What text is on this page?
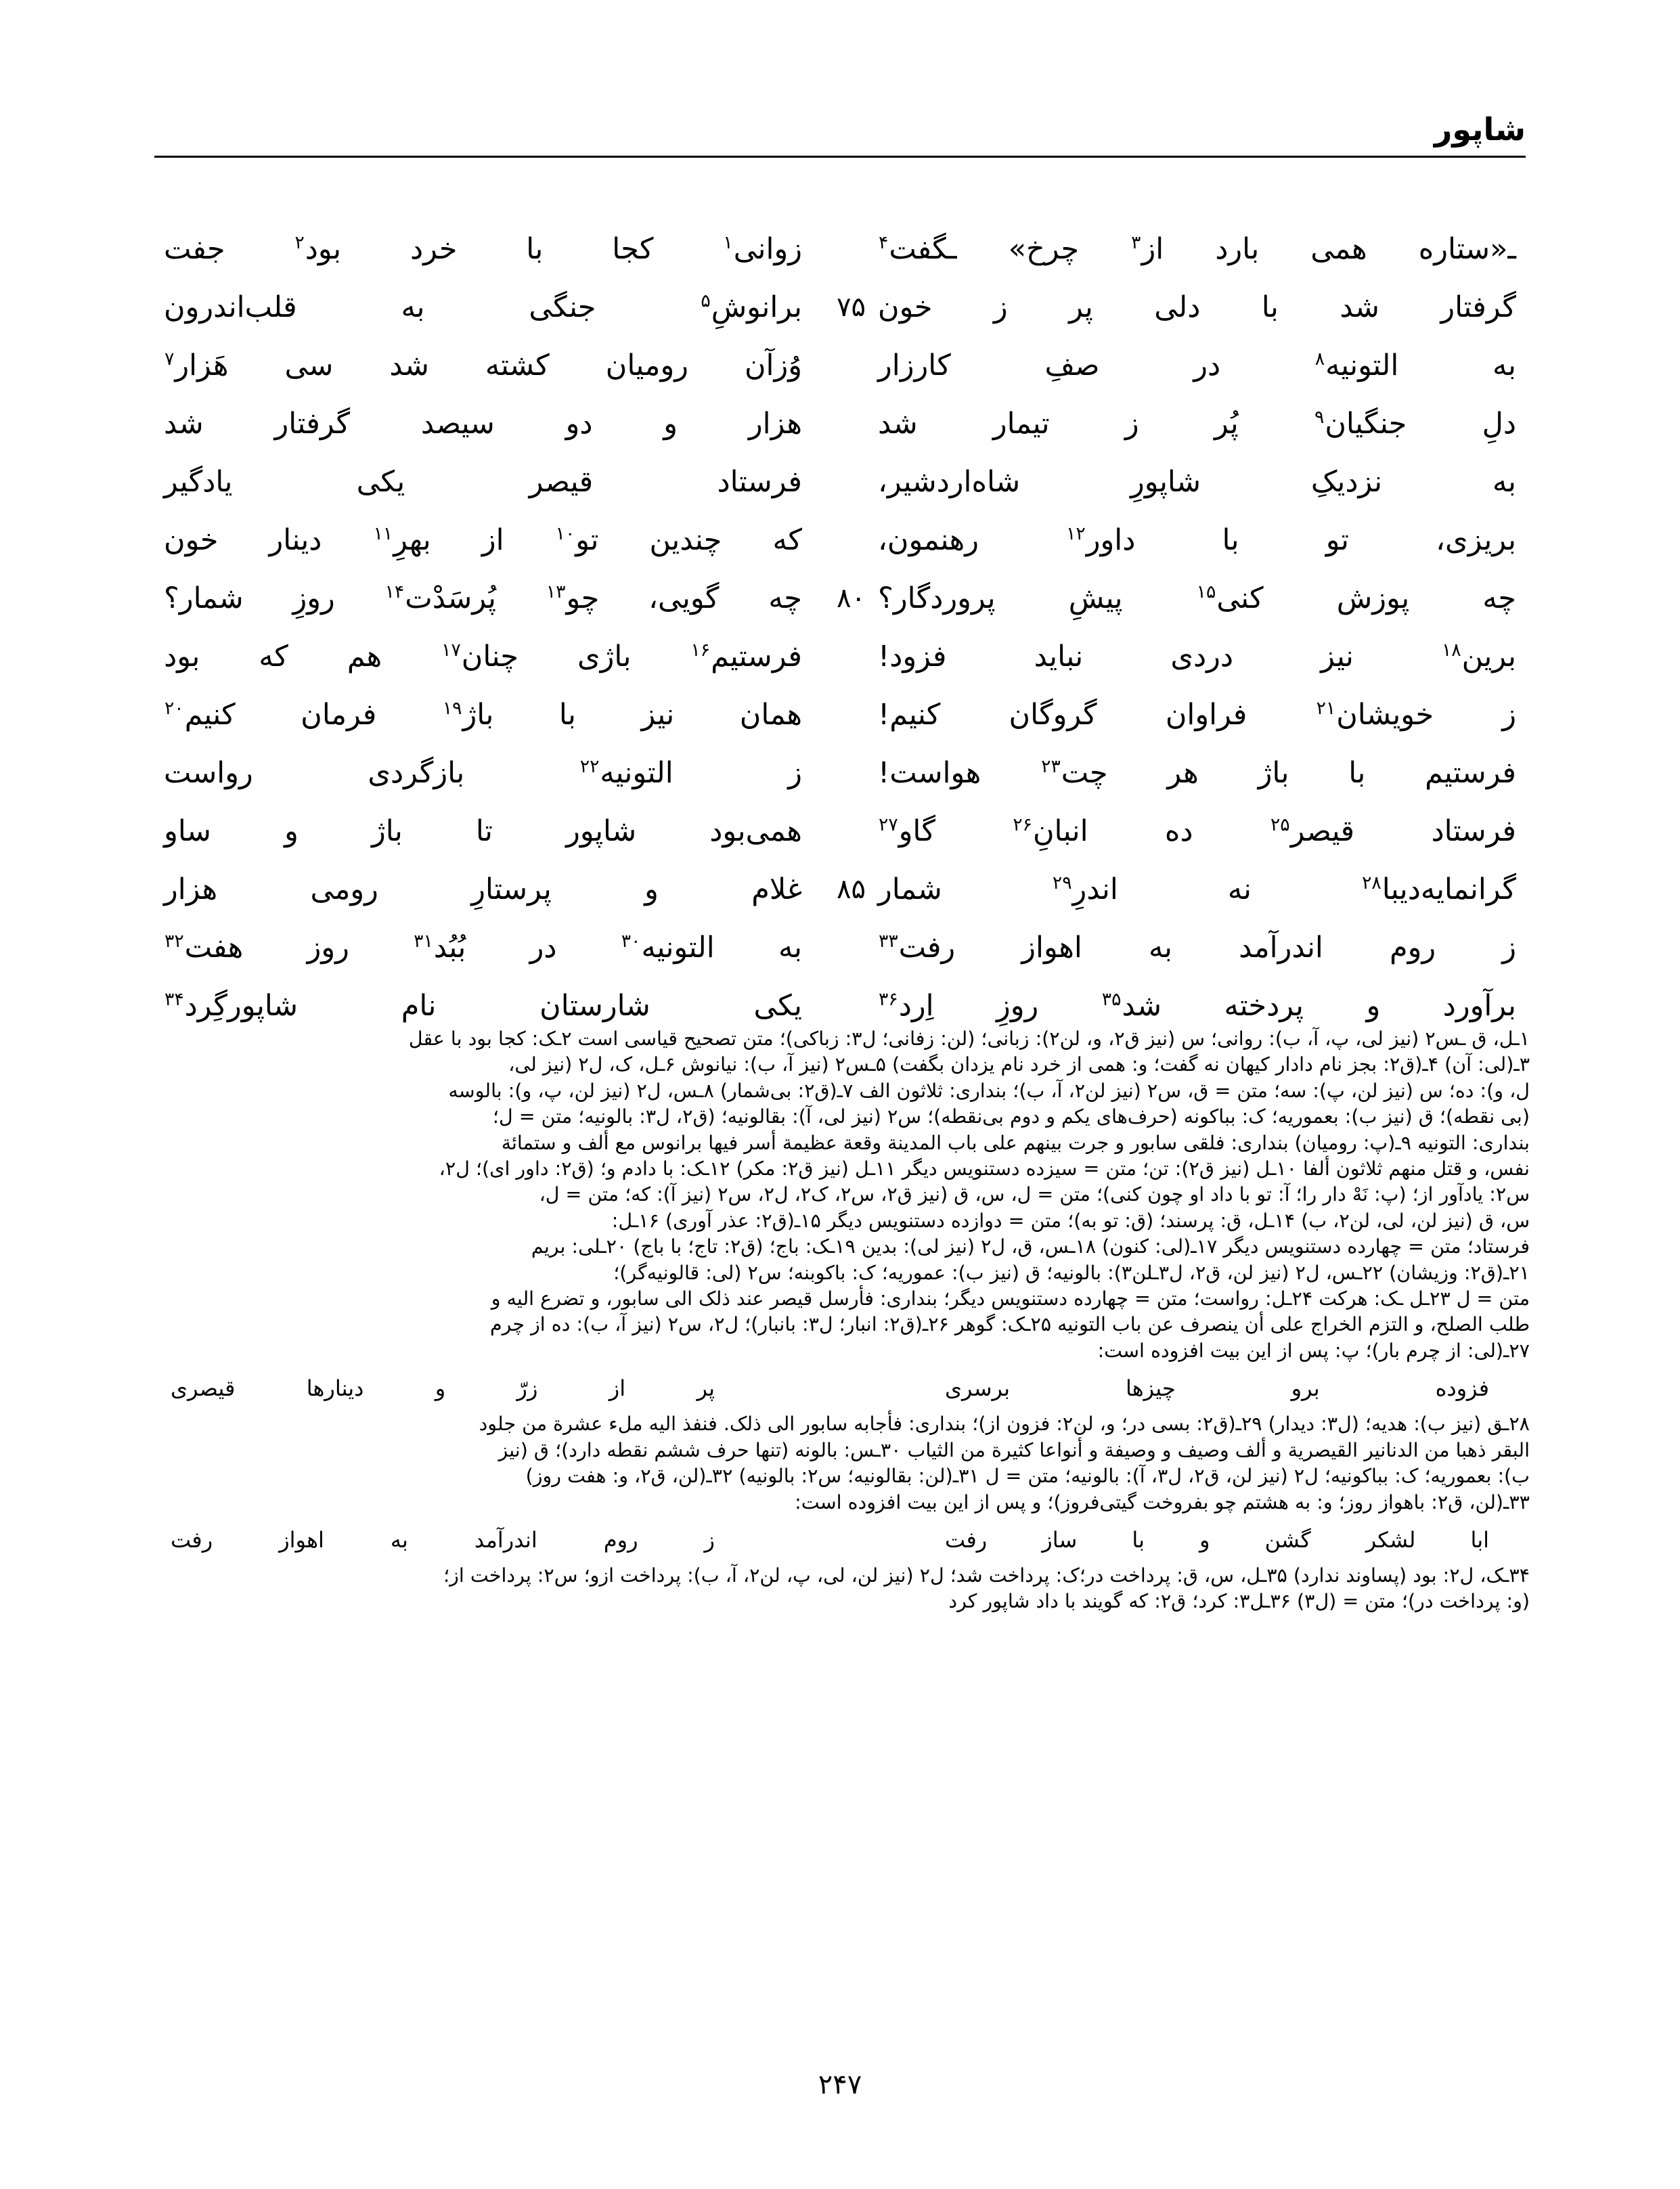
شاپور
ـ«ستاره
همی
بارد
از$^۳$
چرخ»
ـگفت$^۴$
زوانی$^۱$
کجا
با
خرد
بود$^۲$
جفت
گرفتار
شد
با
دلی
پر
ز
خون
۷۵
برانوشِ$^۵$
جنگی
به
قلب‌اندرون
به
التونیه$^۸$
در
صفِ
کارزار
وُزآن
رومیان
کشته
شد
سی
هَزار$^۷$
دلِ
جنگیان$^۹$
پُر
ز
تیمار
شد
هزار
و
دو
سیصد
گرفتار
شد
به
نزدیکِ
شاپورِ
شاه‌اردشیر،
فرستاد
قیصر
یکی
یادگیر
بریزی،
تو
با
داور$^{۱۲}$
رهنمون،
که
چندین
تو$^{۱۰}$
از
بهرِ$^{۱۱}$
دینار
خون
چه
پوزش
کنی$^{۱۵}$
پیشِ
پروردگار؟
۸۰
چه
گویی،
چو$^{۱۳}$
پُرسَدْت$^{۱۴}$
روزِ
شمار؟
برین$^{۱۸}$
نیز
دردی
نباید
فزود!
فرستیم$^{۱۶}$
باژی
چنان$^{۱۷}$
هم
که
بود
ز
خویشان$^{۲۱}$
فراوان
گروگان
کنیم!
همان
نیز
با
باژ$^{۱۹}$
فرمان
کنیم$^{۲۰}$
فرستیم
با
باژ
هر
چت$^{۲۳}$
هواست!
ز
التونیه$^{۲۲}$
بازگردی
رواست
فرستاد
قیصر$^{۲۵}$
ده
انبانِ$^{۲۶}$
گاو$^{۲۷}$
همی‌بود
شاپور
تا
باژ
و
ساو
گرانمایه‌دیبا$^{۲۸}$
نه
اندرِ$^{۲۹}$
شمار
۸۵
غلام
و
پرستارِ
رومی
هزار
ز
روم
اندرآمد
به
اهواز
رفت$^{۳۳}$
به
التونیه$^{۳۰}$
در
بُبُد$^{۳۱}$
روز
هفت$^{۳۲}$
برآورد
و
پردخته
شد$^{۳۵}$
روزِ
اِرد$^{۳۶}$
یکی
شارستان
نام
شاپورگِرد$^{۳۴}$
۱ـل، ق ـس۲ (نیز لی، پ، آ، ب): روانی؛ س (نیز ق۲، و، لن۲): زبانی؛ (لن: زفانی؛ ل۳: زباکی)؛ متن تصحیح قیاسی است ۲ـک: کجا بود با عقل
۳ـ(لی: آن) ۴ـ(ق۲: بجز نام دادار کیهان نه گفت؛ و: همی از خرد نام یزدان بگفت) ۵ـس۲ (نیز آ، ب): نیانوش ۶ـل، ک، ل۲ (نیز لی،
ل، و): ده؛ س (نیز لن، پ): سه؛ متن = ق، س۲ (نیز لن۲، آ، ب)؛ بنداری: ثلاثون الف ۷ـ(ق۲: بی‌شمار) ۸ـس، ل۲ (نیز لن، پ، و): بالوسه
(بی نقطه)؛ ق (نیز ب): بعموریه؛ ک: بباکونه (حرف‌های یکم و دوم بی‌نقطه)؛ س۲ (نیز لی، آ): بقالونیه؛ (ق۲، ل۳: بالونیه؛ متن = ل؛
بنداری: التونیه ۹ـ(پ: رومیان) بنداری: فلقی سابور و جرت بینهم علی باب المدینة وقعة عظیمة أسر فیها برانوس مع ألف و ستمائة
نفس، و قتل منهم ثلاثون ألفا ۱۰ـل (نیز ق۲): تن؛ متن = سیزده دستنویس دیگر ۱۱ـل (نیز ق۲: مکر) ۱۲ـک: با دادم و؛ (ق۲: داور ای)؛ ل۲،
س۲: یادآور از؛ (پ: نَهْ دار را؛ آ: تو با داد او چون کنی)؛ متن = ل، س، ق (نیز ق۲، س۲، ک۲، ل۲، س۲ (نیز آ): که؛ متن = ل،
س، ق (نیز لن، لی، لن۲، ب) ۱۴ـل، ق: پرسند؛ (ق: تو به)؛ متن = دوازده دستنویس دیگر ۱۵ـ(ق۲: عذر آوری) ۱۶ـل:
فرستاد؛ متن = چهارده دستنویس دیگر ۱۷ـ(لی: کنون) ۱۸ـس، ق، ل۲ (نیز لی): بدین ۱۹ـک: باج؛ (ق۲: تاج؛ با باج) ۲۰ـلی: بریم
۲۱ـ(ق۲: وزیشان) ۲۲ـس، ل۲ (نیز لن، ق۲، ل۳ـلن۳): بالونیه؛ ق (نیز ب): عموریه؛ ک: باکوبنه؛ س۲ (لی: قالونیه‌گر)؛
متن = ل ۲۳ـل ـک: هرکت ۲۴ـل: رواست؛ متن = چهارده دستنویس دیگر؛ بنداری: فأرسل قیصر عند ذلک الی سابور، و تضرع الیه و
طلب الصلح، و التزم الخراج علی أن ینصرف عن باب التونیه ۲۵ـک: گوهر ۲۶ـ(ق۲: انبار؛ ل۳: بانبار)؛ ل۲، س۲ (نیز آ، ب): ده از چرم
۲۷ـ(لی: از چرم بار)؛ پ: پس از این بیت افزوده است:
فزوده
برو
چیزها
برسری
پر
از
زرّ
و
دینارها
قیصری
۲۸ـق (نیز ب): هدیه؛ (ل۳: دیدار) ۲۹ـ(ق۲: بسی در؛ و، لن۲: فزون از)؛ بنداری: فأجابه سابور الی ذلک. فنفذ الیه ملء عشرة من جلود
البقر ذهبا من الدنانیر القیصریة و ألف وصیف و وصیفة و أنواعا کثیرة من الثیاب ۳۰ـس: بالونه (تنها حرف ششم نقطه دارد)؛ ق (نیز
ب): بعموریه؛ ک: بباکونیه؛ ل۲ (نیز لن، ق۲، ل۳، آ): بالونیه؛ متن = ل ۳۱ـ(لن: بقالونیه؛ س۲: بالونیه) ۳۲ـ(لن، ق۲، و: هفت روز)
۳۳ـ(لن، ق۲: باهواز روز؛ و: به هشتم چو بفروخت گیتی‌فروز)؛ و پس از این بیت افزوده است:
ابا
لشکر
گشن
و
با
ساز
رفت
ز
روم
اندرآمد
به
اهواز
رفت
۳۴ـک، ل۲: بود (پساوند ندارد) ۳۵ـل، س، ق: پرداخت در؛ک: پرداخت شد؛ ل۲ (نیز لن، لی، پ، لن۲، آ، ب): پرداخت ازو؛ س۲: پرداخت از؛
(و: پرداخت در)؛ متن = (ل۳) ۳۶ـل۳: کرد؛ ق۲: که گویند با داد شاپور کرد
۲۴۷
